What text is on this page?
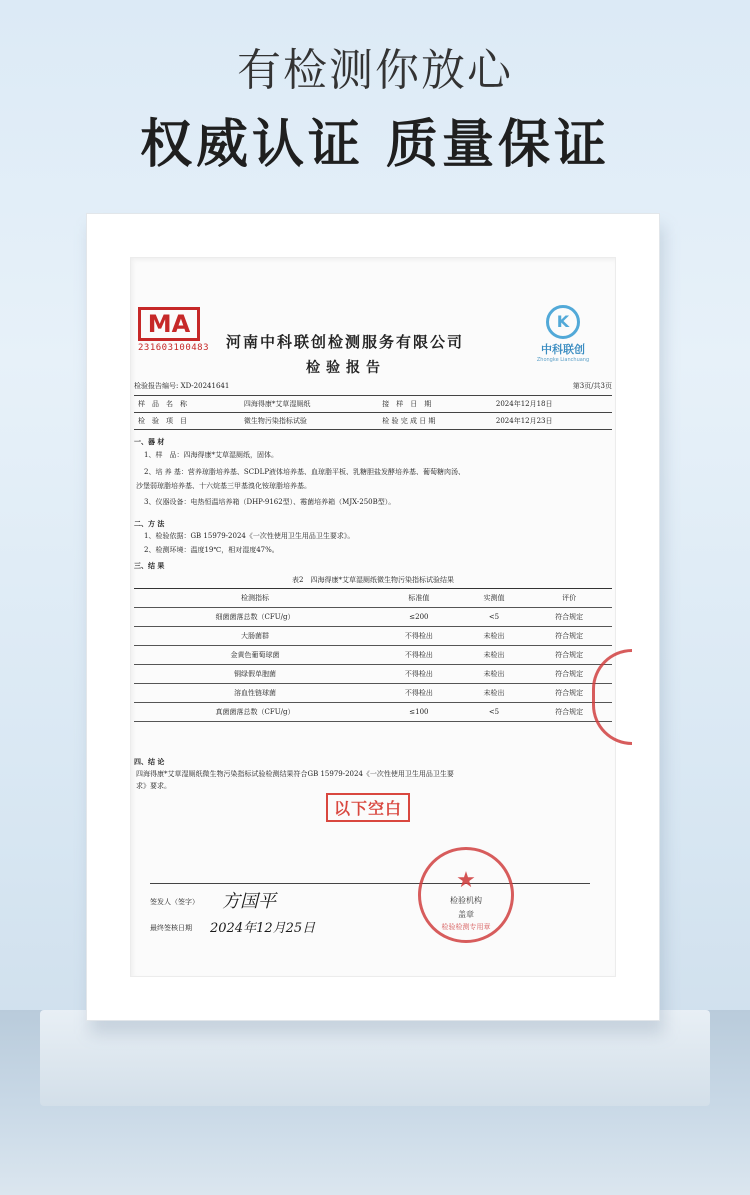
有检测你放心
权威认证 质量保证
MA
231603100483 河南中科联创检测服务有限公司
检验报告
K
中科联创
Zhongke Lianchuang
检验报告编号: XD-20241641	第3页/共3页
样　品　名　称	四海得康*艾草湿厕纸	接　样　日　期	2024年12月18日
检　验　项　目	微生物污染指标试验	检 验 完 成 日 期	2024年12月23日
一、器 材
1、样　品：四海得康*艾草湿厕纸，固体。
2、培 养 基：营养琼脂培养基、SCDLP液体培养基、血琼脂平板、乳糖胆盐发酵培养基、葡萄糖肉汤、
沙堡弱琼脂培养基、十六烷基三甲基溴化铵琼脂培养基。
3、仪器设备：电热恒温培养箱（DHP-9162型）、霉菌培养箱（MJX-250B型）。
二、方 法
1、检验依据：GB 15979-2024《一次性使用卫生用品卫生要求》。
2、检测环境：温度19℃，相对湿度47%。
三、结 果
表2　四海得康*艾草湿厕纸微生物污染指标试验结果
检测指标	标准值	实测值	评价
细菌菌落总数（CFU/g）	≤200	<5	符合规定
大肠菌群	不得检出	未检出	符合规定
金黄色葡萄球菌	不得检出	未检出	符合规定
铜绿假单胞菌	不得检出	未检出	符合规定
溶血性链球菌	不得检出	未检出	符合规定
真菌菌落总数（CFU/g）	≤100	<5	符合规定
四、结 论
四海得康*艾草湿厕纸微生物污染指标试验检测结果符合GB 15979-2024《一次性使用卫生用品卫生要
求》要求。
以下空白
签发人（签字） 方国平
最终签核日期 2024年12月25日
★
检验机构
盖章
检验检测专用章
